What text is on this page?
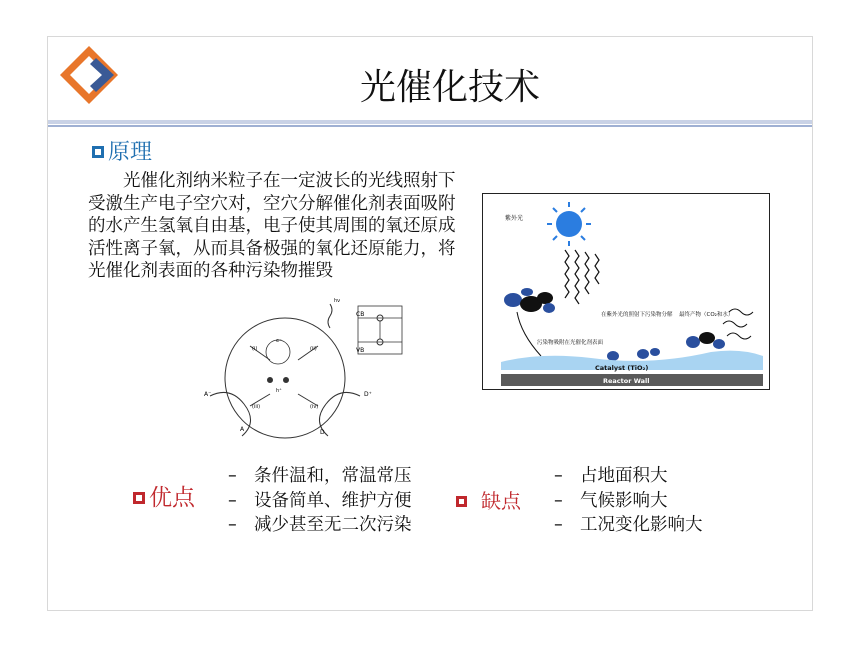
光催化技术
原理
光催化剂纳米粒子在一定波长的光线照射下受激生产电子空穴对，空穴分解催化剂表面吸附的水产生氢氧自由基，电子使其周围的氧还原成活性离子氧，从而具备极强的氧化还原能力，将光催化剂表面的各种污染物摧毁
CB
VB
A	D
A⁻	D⁺
(i)	(ii)
(iii)	(iv)
hν
e⁻
h⁺
紫外光
在紫外光的照射下污染物分解 最终产物（CO₂和水）
污染物吸附在光催化剂表面
Catalyst (TiO₂)
Reactor Wall
优点
– 条件温和，常温常压
– 设备简单、维护方便
– 减少甚至无二次污染
缺点
– 占地面积大
– 气候影响大
– 工况变化影响大
